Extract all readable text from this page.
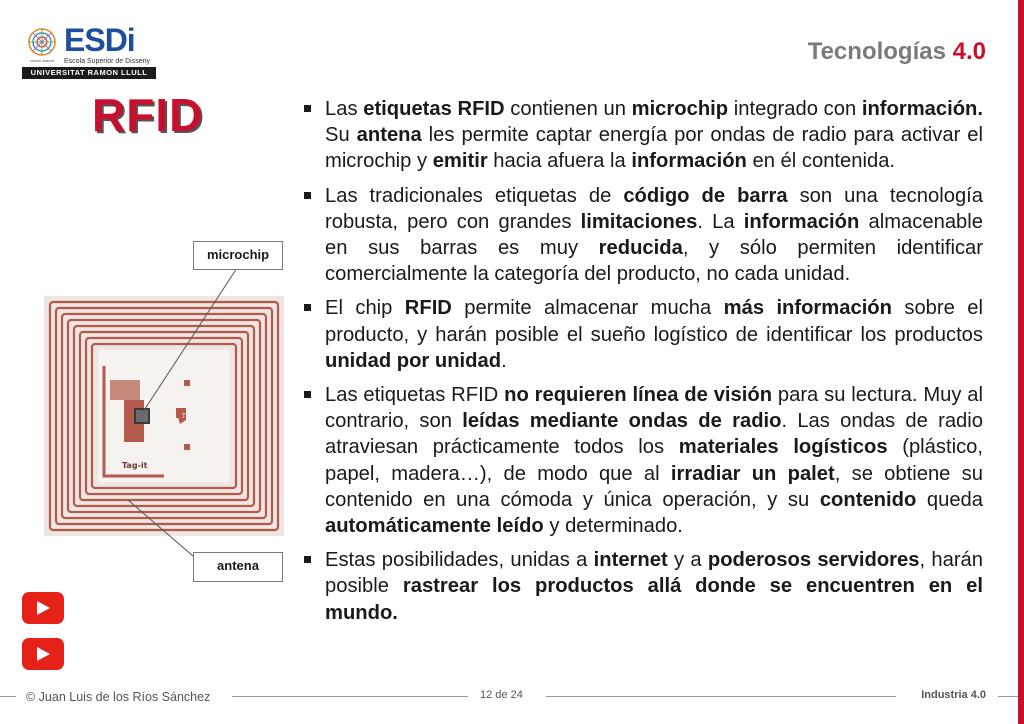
ESDi
centre adscrit Escola Superior de Disseny
UNIVERSITAT RAMON LLULL
Tecnologías 4.0
RFID
Tag-it
TI
microchip
antena
Las etiquetas RFID contienen un microchip integrado con información. Su antena les permite captar energía por ondas de radio para activar el microchip y emitir hacia afuera la información en él contenida.
Las tradicionales etiquetas de código de barra son una tecnología robusta, pero con grandes limitaciones. La información almacenable en sus barras es muy reducida, y sólo permiten identificar comercialmente la categoría del producto, no cada unidad.
El chip RFID permite almacenar mucha más información sobre el producto, y harán posible el sueño logístico de identificar los productos unidad por unidad.
Las etiquetas RFID no requieren línea de visión para su lectura. Muy al contrario, son leídas mediante ondas de radio. Las ondas de radio atraviesan prácticamente todos los materiales logísticos (plástico, papel, madera…), de modo que al irradiar un palet, se obtiene su contenido en una cómoda y única operación, y su contenido queda automáticamente leído y determinado.
Estas posibilidades, unidas a internet y a poderosos servidores, harán posible rastrear los productos allá donde se encuentren en el mundo.
© Juan Luis de los Ríos Sánchez	12 de 24	Industria 4.0
